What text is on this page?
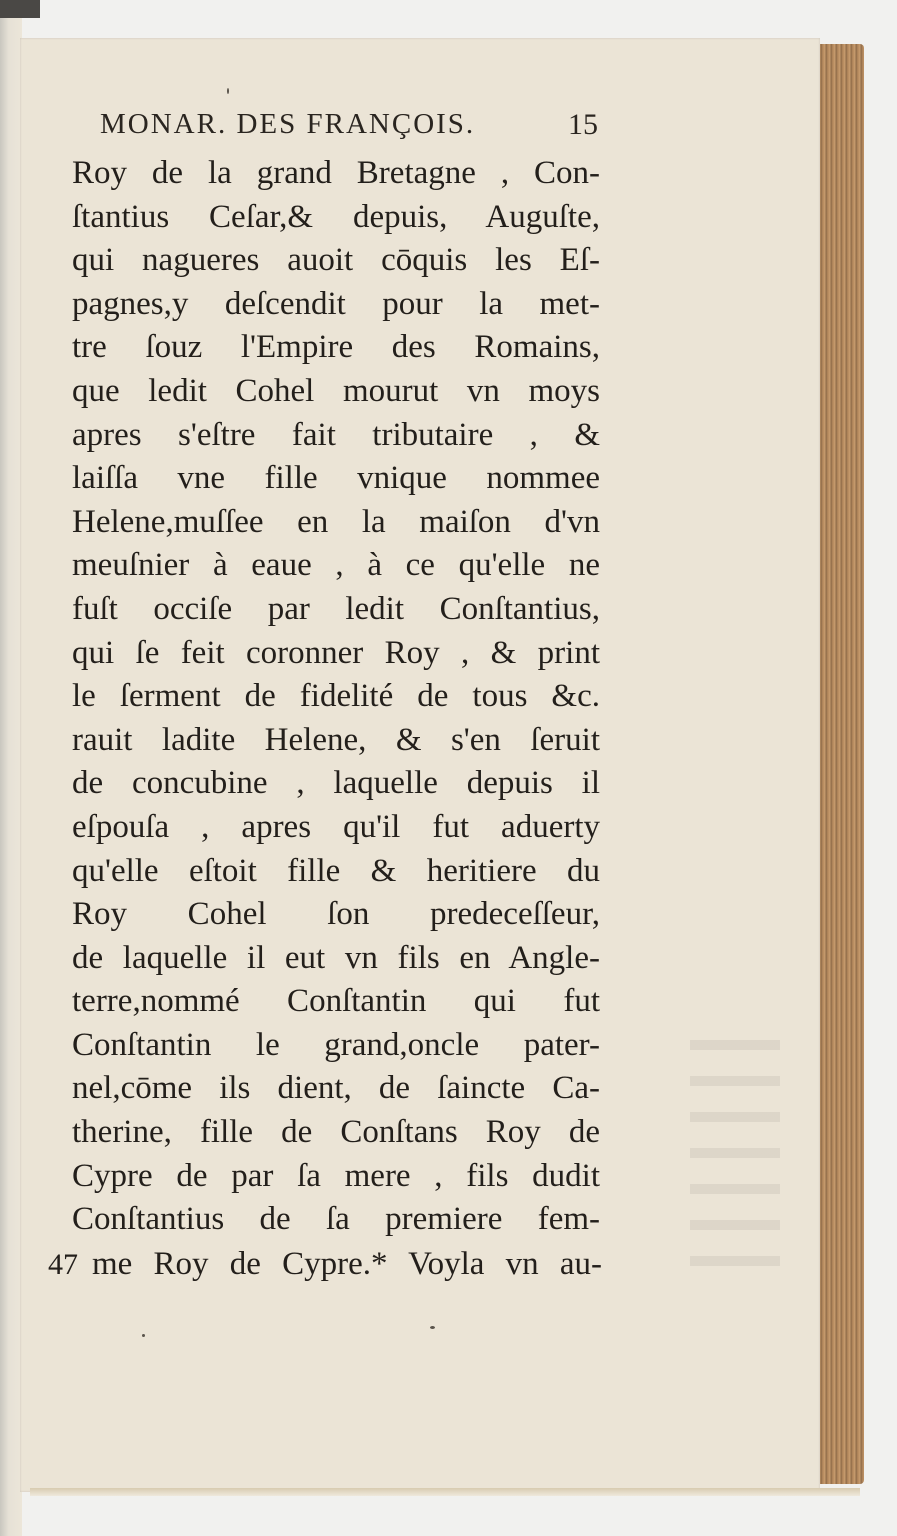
MONAR. DES FRANÇOIS.	15
Roy de la grand Bretagne , Con-
ſtantius Ceſar,& depuis, Auguſte,
qui nagueres auoit cōquis les Eſ-
pagnes,y deſcendit pour la met-
tre ſouz l'Empire des Romains,
que ledit Cohel mourut vn moys
apres s'eſtre fait tributaire , &
laiſſa vne fille vnique nommee
Helene,muſſee en la maiſon d'vn
meuſnier à eaue , à ce qu'elle ne
fuſt occiſe par ledit Conſtantius,
qui ſe feit coronner Roy , & print
le ſerment de fidelité de tous &c.
rauit ladite Helene, & s'en ſeruit
de concubine , laquelle depuis il
eſpouſa , apres qu'il fut aduerty
qu'elle eſtoit fille & heritiere du
Roy Cohel ſon predeceſſeur,
de laquelle il eut vn fils en Angle-
terre,nommé Conſtantin qui fut
Conſtantin le grand,oncle pater-
nel,cōme ils dient, de ſaincte Ca-
therine, fille de Conſtans Roy de
Cypre de par ſa mere , fils dudit
Conſtantius de ſa premiere fem-
47 me Roy de Cypre.* Voyla vn au-
